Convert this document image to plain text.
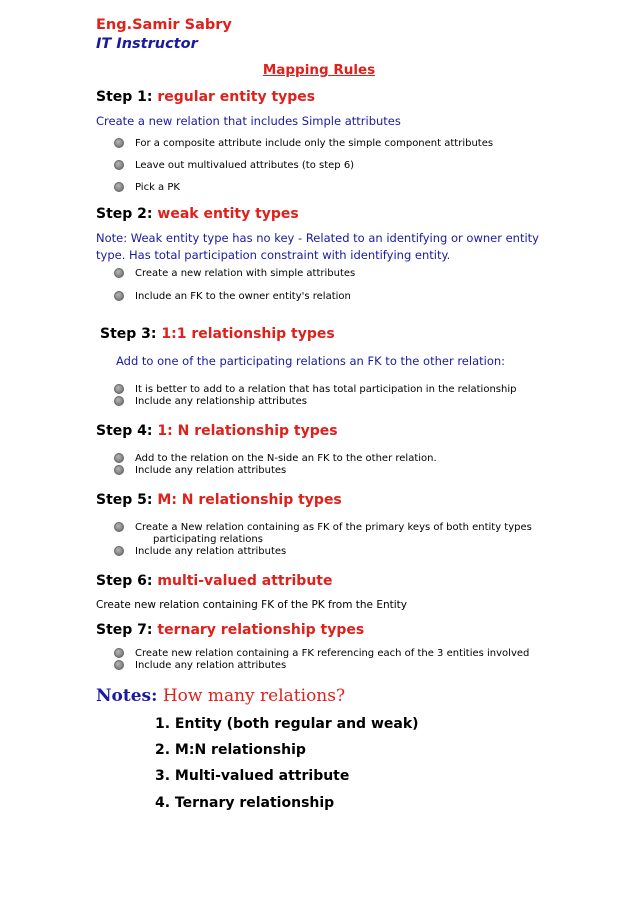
Eng.Samir Sabry
IT Instructor
Mapping Rules
Step 1: regular entity types
Create a new relation that includes Simple attributes
For a composite attribute include only the simple component attributes
Leave out multivalued attributes (to step 6)
Pick a PK
Step 2: weak entity types
Note: Weak entity type has no key - Related to an identifying or owner entity
type. Has total participation constraint with identifying entity.
Create a new relation with simple attributes
Include an FK to the owner entity's relation
Step 3: 1:1 relationship types
Add to one of the participating relations an FK to the other relation:
It is better to add to a relation that has total participation in the relationship
Include any relationship attributes
Step 4: 1: N relationship types
Add to the relation on the N-side an FK to the other relation.
Include any relation attributes
Step 5: M: N relationship types
Create a New relation containing as FK of the primary keys of both entity types
participating relations
Include any relation attributes
Step 6: multi-valued attribute
Create new relation containing FK of the PK from the Entity
Step 7: ternary relationship types
Create new relation containing a FK referencing each of the 3 entities involved
Include any relation attributes
Notes: How many relations?
1. Entity (both regular and weak)
2. M:N relationship
3. Multi-valued attribute
4. Ternary relationship
